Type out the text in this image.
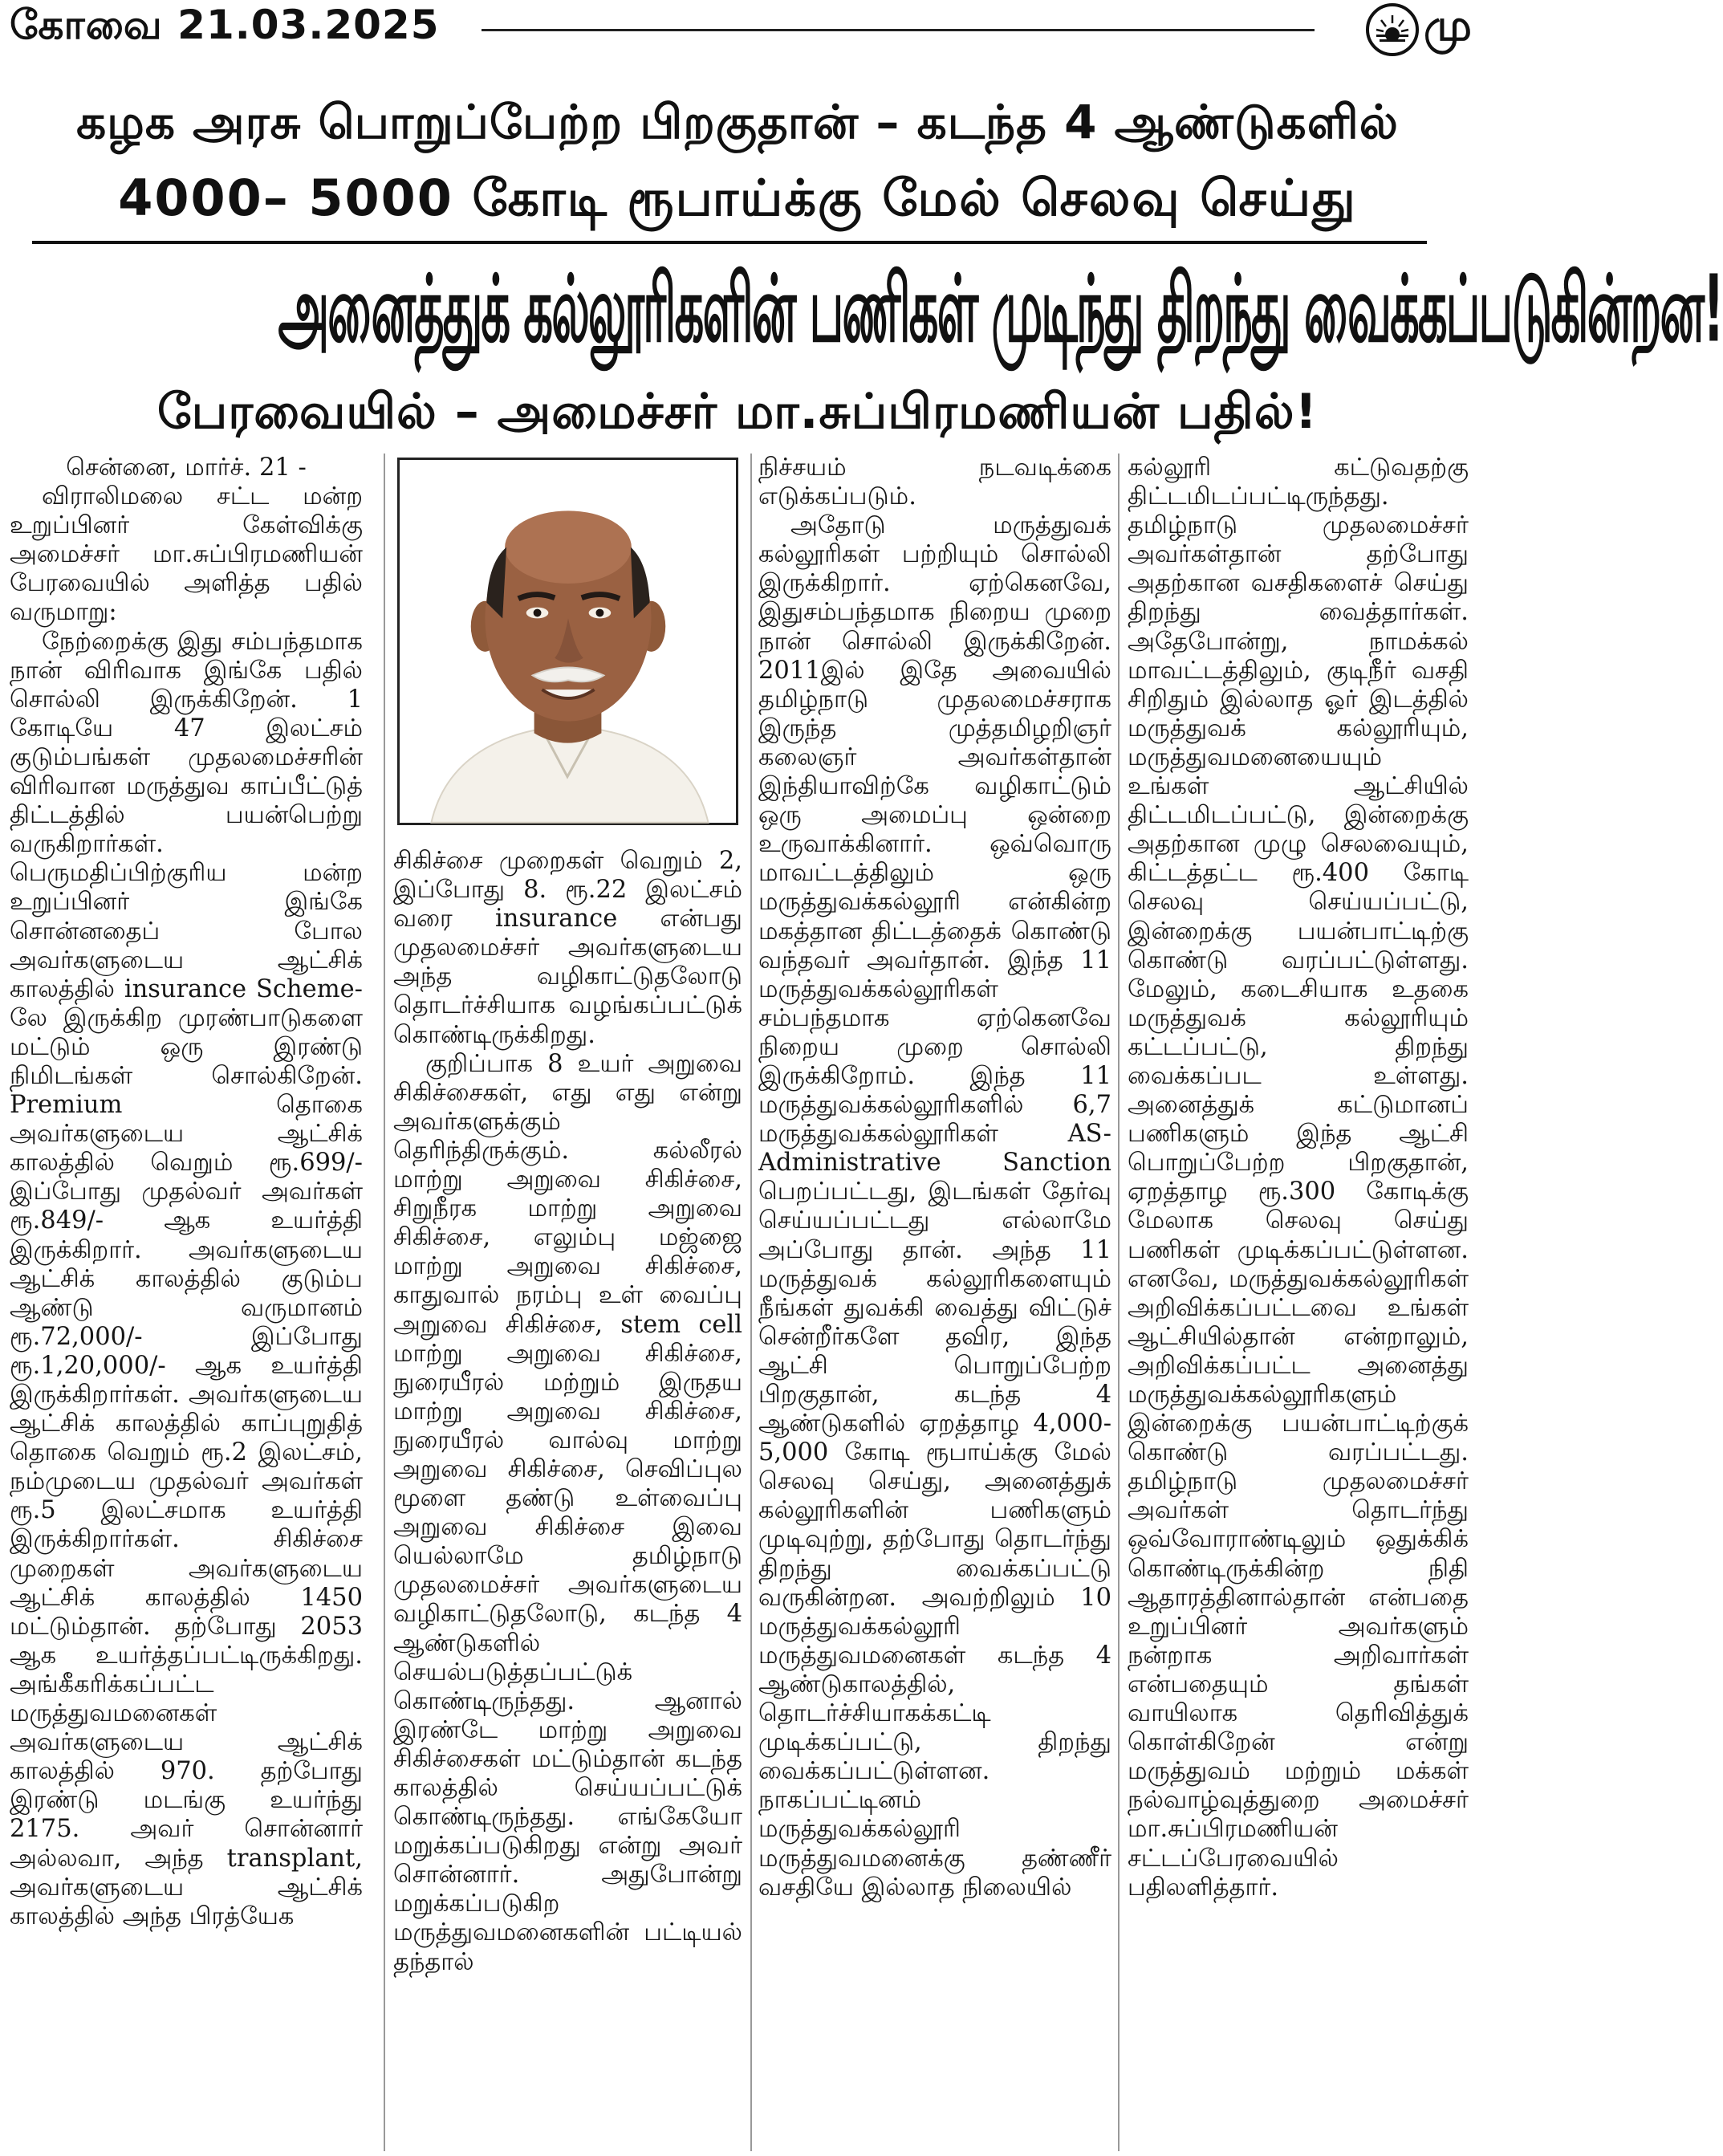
கோவை 21.03.2025	மு
கழக அரசு பொறுப்பேற்ற பிறகுதான் – கடந்த 4 ஆண்டுகளில்
4000– 5000 கோடி ரூபாய்க்கு மேல் செலவு செய்து
அனைத்துக் கல்லூரிகளின் பணிகள் முடிந்து திறந்து வைக்கப்படுகின்றன!
பேரவையில் – அமைச்சர் மா.சுப்பிரமணியன் பதில்!

சென்னை, மார்ச். 21 -

விராலிமலை சட்ட மன்ற உறுப்பினர் கேள்விக்கு அமைச்சர் மா.சுப்பிரமணியன் பேரவையில் அளித்த பதில் வருமாறு:

நேற்றைக்கு இது சம்பந்தமாக நான் விரிவாக இங்கே பதில் சொல்லி இருக்கிறேன். 1 கோடியே 47 இலட்சம் குடும்பங்கள் முதலமைச்சரின் விரிவான மருத்துவ காப்பீட்டுத் திட்டத்தில் பயன்பெற்று வருகிறார்கள். பெருமதிப்பிற்குரிய மன்ற உறுப்பினர் இங்கே சொன்னதைப் போல அவர்களுடைய ஆட்சிக் காலத்தில் insurance Scheme-லே இருக்கிற முரண்பாடுகளை மட்டும் ஒரு இரண்டு நிமிடங்கள் சொல்கிறேன். Premium தொகை அவர்களுடைய ஆட்சிக் காலத்தில் வெறும் ரூ.699/- இப்போது முதல்வர் அவர்கள் ரூ.849/- ஆக உயர்த்தி இருக்கிறார். அவர்களுடைய ஆட்சிக் காலத்தில் குடும்ப ஆண்டு வருமானம் ரூ.72,000/- இப்போது ரூ.1,20,000/- ஆக உயர்த்தி இருக்கிறார்கள். அவர்களுடைய ஆட்சிக் காலத்தில் காப்புறுதித் தொகை வெறும் ரூ.2 இலட்சம், நம்முடைய முதல்வர் அவர்கள் ரூ.5 இலட்சமாக உயர்த்தி இருக்கிறார்கள். சிகிச்சை முறைகள் அவர்களுடைய ஆட்சிக் காலத்தில் 1450 மட்டும்தான். தற்போது 2053 ஆக உயர்த்தப்பட்டிருக்கிறது. அங்கீகரிக்கப்பட்ட மருத்துவமனைகள் அவர்களுடைய ஆட்சிக் காலத்தில் 970. தற்போது இரண்டு மடங்கு உயர்ந்து 2175. அவர் சொன்னார் அல்லவா, அந்த transplant, அவர்களுடைய ஆட்சிக் காலத்தில் அந்த பிரத்யேக

சிகிச்சை முறைகள் வெறும் 2, இப்போது 8. ரூ.22 இலட்சம் வரை insurance என்பது முதலமைச்சர் அவர்களுடைய அந்த வழிகாட்டுதலோடு தொடர்ச்சியாக வழங்கப்பட்டுக் கொண்டிருக்கிறது.

குறிப்பாக 8 உயர் அறுவை சிகிச்சைகள், எது எது என்று அவர்களுக்கும் தெரிந்திருக்கும். கல்லீரல் மாற்று அறுவை சிகிச்சை, சிறுநீரக மாற்று அறுவை சிகிச்சை, எலும்பு மஜ்ஜை மாற்று அறுவை சிகிச்சை, காதுவால் நரம்பு உள் வைப்பு அறுவை சிகிச்சை, stem cell மாற்று அறுவை சிகிச்சை, நுரையீரல் மற்றும் இருதய மாற்று அறுவை சிகிச்சை, நுரையீரல் வால்வு மாற்று அறுவை சிகிச்சை, செவிப்புல மூளை தண்டு உள்வைப்பு அறுவை சிகிச்சை இவை யெல்லாமே தமிழ்நாடு முதலமைச்சர் அவர்களுடைய வழிகாட்டுதலோடு, கடந்த 4 ஆண்டுகளில் செயல்படுத்தப்பட்டுக் கொண்டிருந்தது. ஆனால் இரண்டே மாற்று அறுவை சிகிச்சைகள் மட்டும்தான் கடந்த காலத்தில் செய்யப்பட்டுக் கொண்டிருந்தது. எங்கேயோ மறுக்கப்படுகிறது என்று அவர் சொன்னார். அதுபோன்று மறுக்கப்படுகிற மருத்துவமனைகளின் பட்டியல் தந்தால்

நிச்சயம் நடவடிக்கை எடுக்கப்படும்.

அதோடு மருத்துவக் கல்லூரிகள் பற்றியும் சொல்லி இருக்கிறார். ஏற்கெனவே, இதுசம்பந்தமாக நிறைய முறை நான் சொல்லி இருக்கிறேன். 2011இல் இதே அவையில் தமிழ்நாடு முதலமைச்சராக இருந்த முத்தமிழறிஞர் கலைஞர் அவர்கள்தான் இந்தியாவிற்கே வழிகாட்டும் ஒரு அமைப்பு ஒன்றை உருவாக்கினார். ஒவ்வொரு மாவட்டத்திலும் ஒரு மருத்துவக்கல்லூரி என்கின்ற மகத்தான திட்டத்தைக் கொண்டு வந்தவர் அவர்தான். இந்த 11 மருத்துவக்கல்லூரிகள் சம்பந்தமாக ஏற்கெனவே நிறைய முறை சொல்லி இருக்கிறோம். இந்த 11 மருத்துவக்கல்லூரிகளில் 6,7 மருத்துவக்கல்லூரிகள் AS-Administrative Sanction பெறப்பட்டது, இடங்கள் தேர்வு செய்யப்பட்டது எல்லாமே அப்போது தான். அந்த 11 மருத்துவக் கல்லூரிகளையும் நீங்கள் துவக்கி வைத்து விட்டுச் சென்றீர்களே தவிர, இந்த ஆட்சி பொறுப்பேற்ற பிறகுதான், கடந்த 4 ஆண்டுகளில் ஏறத்தாழ 4,000- 5,000 கோடி ரூபாய்க்கு மேல் செலவு செய்து, அனைத்துக் கல்லூரிகளின் பணிகளும் முடிவுற்று, தற்போது தொடர்ந்து திறந்து வைக்கப்பட்டு வருகின்றன. அவற்றிலும் 10 மருத்துவக்கல்லூரி மருத்துவமனைகள் கடந்த 4 ஆண்டுகாலத்தில், தொடர்ச்சியாகக்கட்டி முடிக்கப்பட்டு, திறந்து வைக்கப்பட்டுள்ளன. நாகப்பட்டினம் மருத்துவக்கல்லூரி மருத்துவமனைக்கு தண்ணீர் வசதியே இல்லாத நிலையில்

கல்லூரி கட்டுவதற்கு திட்டமிடப்பட்டிருந்தது. தமிழ்நாடு முதலமைச்சர் அவர்கள்தான் தற்போது அதற்கான வசதிகளைச் செய்து திறந்து வைத்தார்கள். அதேபோன்று, நாமக்கல் மாவட்டத்திலும், குடிநீர் வசதி சிறிதும் இல்லாத ஓர் இடத்தில் மருத்துவக் கல்லூரியும், மருத்துவமனையையும் உங்கள் ஆட்சியில் திட்டமிடப்பட்டு, இன்றைக்கு அதற்கான முழு செலவையும், கிட்டத்தட்ட ரூ.400 கோடி செலவு செய்யப்பட்டு, இன்றைக்கு பயன்பாட்டிற்கு கொண்டு வரப்பட்டுள்ளது. மேலும், கடைசியாக உதகை மருத்துவக் கல்லூரியும் கட்டப்பட்டு, திறந்து வைக்கப்பட உள்ளது. அனைத்துக் கட்டுமானப் பணிகளும் இந்த ஆட்சி பொறுப்பேற்ற பிறகுதான், ஏறத்தாழ ரூ.300 கோடிக்கு மேலாக செலவு செய்து பணிகள் முடிக்கப்பட்டுள்ளன. எனவே, மருத்துவக்கல்லூரிகள் அறிவிக்கப்பட்டவை உங்கள் ஆட்சியில்தான் என்றாலும், அறிவிக்கப்பட்ட அனைத்து மருத்துவக்கல்லூரிகளும் இன்றைக்கு பயன்பாட்டிற்குக் கொண்டு வரப்பட்டது. தமிழ்நாடு முதலமைச்சர் அவர்கள் தொடர்ந்து ஒவ்வோராண்டிலும் ஒதுக்கிக் கொண்டிருக்கின்ற நிதி ஆதாரத்தினால்தான் என்பதை உறுப்பினர் அவர்களும் நன்றாக அறிவார்கள் என்பதையும் தங்கள் வாயிலாக தெரிவித்துக் கொள்கிறேன் என்று மருத்துவம் மற்றும் மக்கள் நல்வாழ்வுத்துறை அமைச்சர் மா.சுப்பிரமணியன் சட்டப்பேரவையில் பதிலளித்தார்.
